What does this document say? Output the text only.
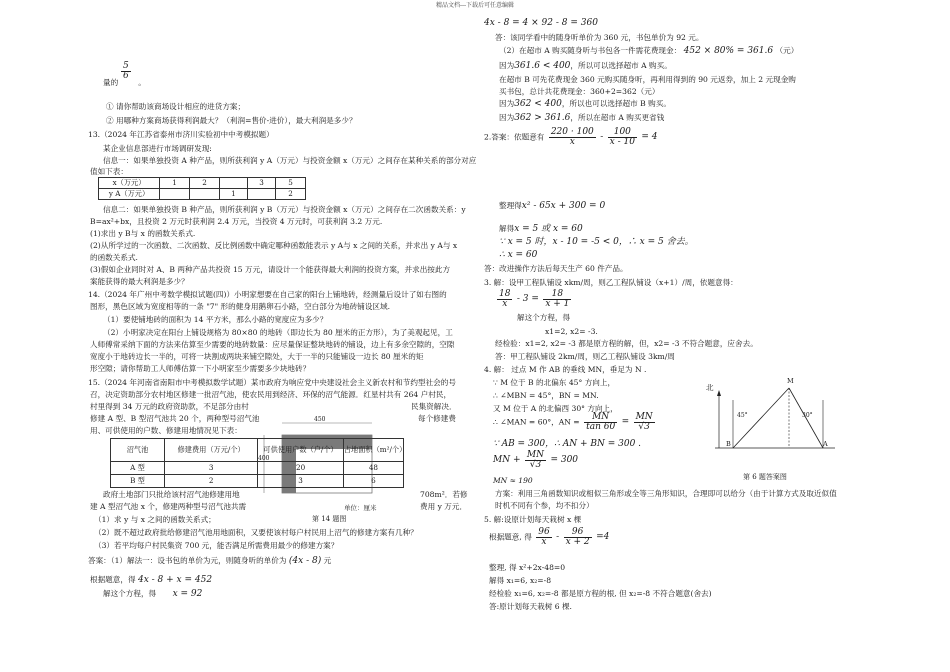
精品文档---下载后可任意编辑
$\frac{5}{6}$
量的	。
① 请你帮助该商场设计相应的进货方案；
② 用哪种方案商场获得利润最大？（利润=售价-进价），最大利润是多少？
13.（2024 年江苏省泰州市济川实验初中中考模拟题）
某企业信息部进行市场调研发现:
信息一：如果单独投资 A 种产品，则所获利润 y A（万元）与投资金额 x（万元）之间存在某种关系的部分对应
值如下表：
x（万元）	1	2		3	5
y A（万元）			1		2
信息二：如果单独投资 B 种产品，则所获利润 y B（万元）与投资金额 x（万元）之间存在二次函数关系：y
B=ax²+bx，且投资 2 万元时获利润 2.4 万元，当投资 4 万元时，可获利润 3.2 万元.
(1)求出 y B与 x 的函数关系式.
(2)从所学过的一次函数、二次函数、反比例函数中确定哪种函数能表示 y A与 x 之间的关系，并求出 y A与 x
的函数关系式.
(3)假如企业同时对 A、B 两种产品共投资 15 万元，请设计一个能获得最大利润的投资方案，并求出按此方
案能获得的最大利润是多少？
14.（2024 年广州中考数学模拟试题(四)）小明家想要在自己家的阳台上铺地砖，经测量后设计了如右图的
图形，黑色区域为宽度相等的一条 "7" 形的健身用鹅卵石小路，空白部分为地砖铺设区域.
（1）要使铺地砖的面积为 14 平方米，那么小路的宽度应为多少？
（2）小明家决定在阳台上铺设规格为 80×80 的地砖（即边长为 80 厘米的正方形），为了美观起见，工
人师傅常采纳下面的方法来估算至少需要的地砖数量：应尽量保证整块地砖的铺设，边上有多余空隙的，空隙
宽度小于地砖边长一半的，可将一块割成两块来铺空隙处，大于一半的只能铺设一边长 80 厘米的矩
形空隙；请你帮助工人师傅估算一下小明家至少需要多少块地砖？
15.（2024 年河南省南阳市中考模拟数学试题）某市政府为响应党中央建设社会主义新农村和节约型社会的号
召，决定资助部分农村地区修建一批沼气池，使农民用到经济、环保的沼气能源．红星村共有 264 户村民，
村里得到 34 万元的政府资助款，不足部分由村	民集资解决．
修建 A 型、B 型沼气池共 20 个，两种型号沼气池	每个修建费
用、可供使用的户数、修建用地情况见下表：
450
400
单位：厘米
沼气池	修建费用（万元/个）	可供使用户数（户/个）	占地面积（m²/个）
A 型	3	20	48
B 型	2	3	6
政府土地部门只批给该村沼气池修建用地	708m²．若修
建 A 型沼气池 x 个，修建两种型号沼气池共需	费用 y 万元．
第 14 题图
（1）求 y 与 x 之间的函数关系式；
（2）既不超过政府批给修建沼气池用地面积，又要使该村每户村民用上沼气的修建方案有几种？
（3）若平均每户村民集资 700 元，能否满足所需费用最少的修建方案？
答案：（1）解法一：设书包的单价为元，则随身听的单价为 (4x - 8) 元
根据题意，得 4x - 8 + x = 452
解这个方程，得 x = 92
4x - 8 = 4 × 92 - 8 = 360
答：该同学看中的随身听单价为 360 元，书包单价为 92 元。
（2）在超市 A 购买随身听与书包各一件需花费现金： 452 × 80% = 361.6 （元）
因为361.6 < 400，所以可以选择超市 A 购买。
在超市 B 可先花费现金 360 元购买随身听，再利用得到的 90 元返券，加上 2 元现金购
买书包，总计共花费现金：360+2=362（元）
因为362 < 400，所以也可以选择超市 B 购买。
因为362 > 361.6，所以在超市 A 购买更省钱
2.答案：依题意有 $\frac{220 \cdot 100}{x} - \frac{100}{x - 10} = 4$
整理得x² - 65x + 300 = 0
解得x = 5 或 x = 60
∵ x = 5 时，x - 10 = -5 < 0，∴ x = 5 舍去。
∴ x = 60
答：改进操作方法后每天生产 60 件产品。
3. 解：设甲工程队铺设 xkm/周，则乙工程队铺设（x+1）/周，依题意得：
$\frac{18}{x} - 3 = \frac{18}{x + 1}$
解这个方程，得
x1=2, x2= -3.
经检验：x1=2, x2= -3 都是原方程的解，但，x2= -3 不符合题意，应舍去。
答：甲工程队铺设 2km/周，则乙工程队铺设 3km/周
4. 解： 过点 M 作 AB 的垂线 MN，垂足为 N .
∵ M 位于 B 的北偏东 45° 方向上，
∴ ∠MBN = 45°，BN = MN.
又 M 位于 A 的北偏西 30° 方向上，
∴ ∠MAN = 60°，AN = $\frac{MN}{\tan 60} = \frac{MN}{√3}$
∵ AB = 300，∴ AN + BN = 300 .
MN + $\frac{MN}{√3} = 300$
MN ≈ 190
方案：利用三角函数知识或相似三角形或全等三角形知识，合理即可以给分（由于计算方式及取近似值
时机不同有个参，均不扣分）
北
M
45°	30°
B	A
第 6 题答案图
5. 解:设原计划每天栽树 x 棵
根据题意, 得 $\frac{96}{x} - \frac{96}{x + 2} =4$
整理, 得 x²+2x-48=0
解得 x₁=6, x₂=-8
经检验 x₁=6, x₂=-8 都是原方程的根, 但 x₂=-8 不符合题意(舍去)
答:原计划每天栽树 6 棵.
